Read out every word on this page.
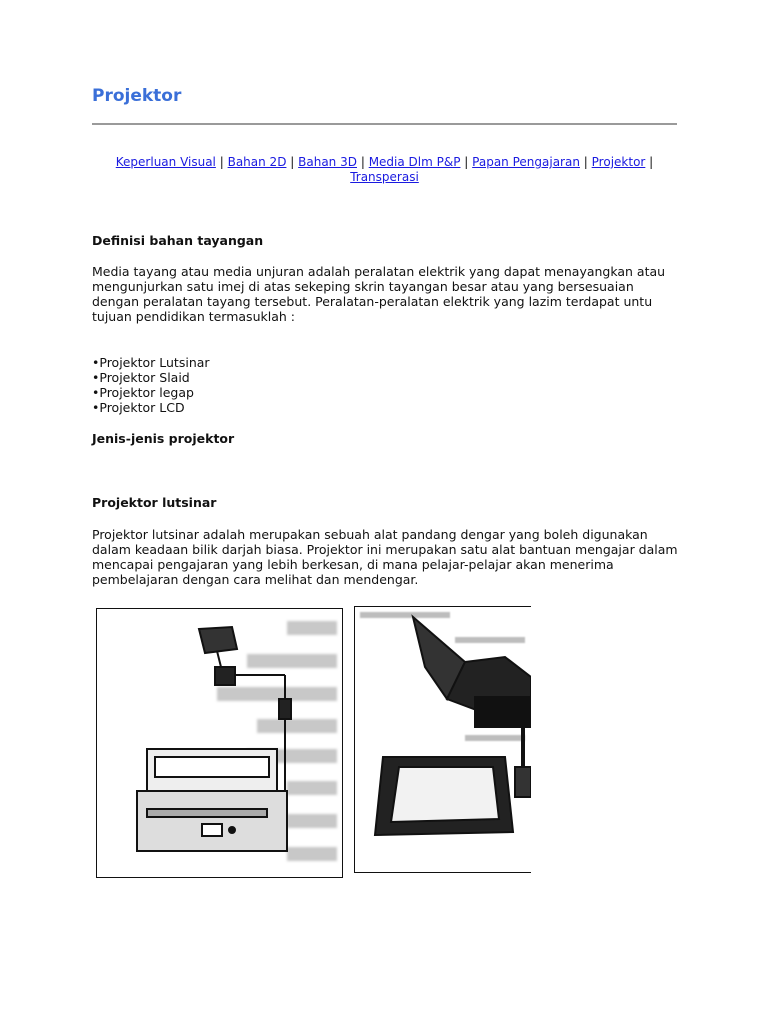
Projektor
Keperluan Visual | Bahan 2D | Bahan 3D | Media Dlm P&P | Papan Pengajaran | Projektor |
Transperasi
Definisi bahan tayangan

Media tayang atau media unjuran adalah peralatan elektrik yang dapat menayangkan atau mengunjurkan satu imej di atas sekeping skrin tayangan besar atau yang bersesuaian dengan peralatan tayang tersebut. Peralatan-peralatan elektrik yang lazim terdapat untu tujuan pendidikan termasuklah :

• Projektor Lutsinar
• Projektor Slaid
• Projektor legap
• Projektor LCD
Jenis-jenis projektor
Projektor lutsinar

Projektor lutsinar adalah merupakan sebuah alat pandang dengar yang boleh digunakan dalam keadaan bilik darjah biasa. Projektor ini merupakan satu alat bantuan mengajar dalam mencapai pengajaran yang lebih berkesan, di mana pelajar-pelajar akan menerima pembelajaran dengan cara melihat dan mendengar.
